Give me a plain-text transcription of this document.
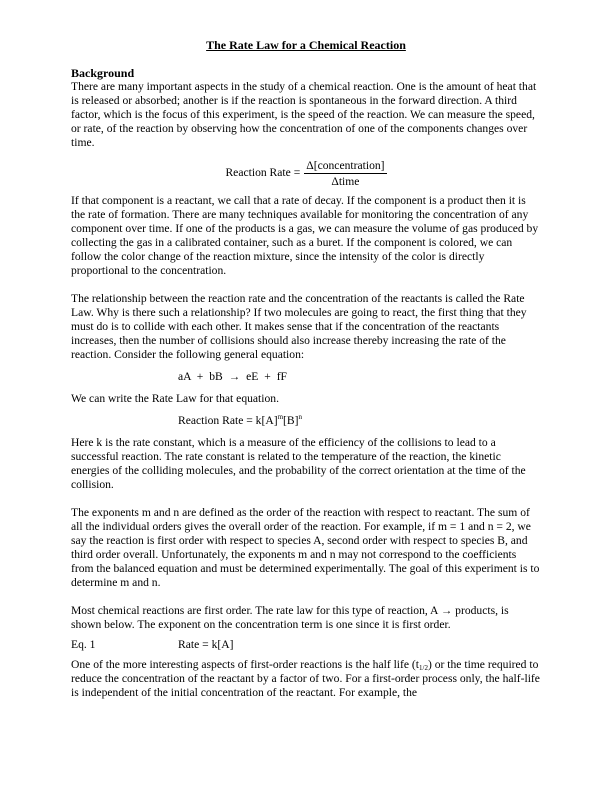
The Rate Law for a Chemical Reaction
Background

There are many important aspects in the study of a chemical reaction. One is the amount of heat that is released or absorbed; another is if the reaction is spontaneous in the forward direction. A third factor, which is the focus of this experiment, is the speed of the reaction. We can measure the speed, or rate, of the reaction by observing how the concentration of one of the components changes over time.

Reaction Rate = $\frac{\text{Δ[concentration]}}{\text{Δtime}}$

If that component is a reactant, we call that a rate of decay. If the component is a product then it is the rate of formation. There are many techniques available for monitoring the concentration of any component over time. If one of the products is a gas, we can measure the volume of gas produced by collecting the gas in a calibrated container, such as a buret. If the component is colored, we can follow the color change of the reaction mixture, since the intensity of the color is directly proportional to the concentration.

The relationship between the reaction rate and the concentration of the reactants is called the Rate Law. Why is there such a relationship? If two molecules are going to react, the first thing that they must do is to collide with each other. It makes sense that if the concentration of the reactants increases, then the number of collisions should also increase thereby increasing the rate of the reaction. Consider the following general equation:

aA + bB → eE + fF

We can write the Rate Law for that equation.

Reaction Rate = $k[A]^m[B]^n$

Here k is the rate constant, which is a measure of the efficiency of the collisions to lead to a successful reaction. The rate constant is related to the temperature of the reaction, the kinetic energies of the colliding molecules, and the probability of the correct orientation at the time of the collision.

The exponents m and n are defined as the order of the reaction with respect to reactant. The sum of all the individual orders gives the overall order of the reaction. For example, if m = 1 and n = 2, we say the reaction is first order with respect to species A, second order with respect to species B, and third order overall. Unfortunately, the exponents m and n may not correspond to the coefficients from the balanced equation and must be determined experimentally. The goal of this experiment is to determine m and n.

Most chemical reactions are first order. The rate law for this type of reaction, A → products, is shown below. The exponent on the concentration term is one since it is first order.

Eq. 1	Rate = k[A]

One of the more interesting aspects of first-order reactions is the half life $(t_{1/2})$ or the time required to reduce the concentration of the reactant by a factor of two. For a first-order process only, the half-life is independent of the initial concentration of the reactant. For example, the
